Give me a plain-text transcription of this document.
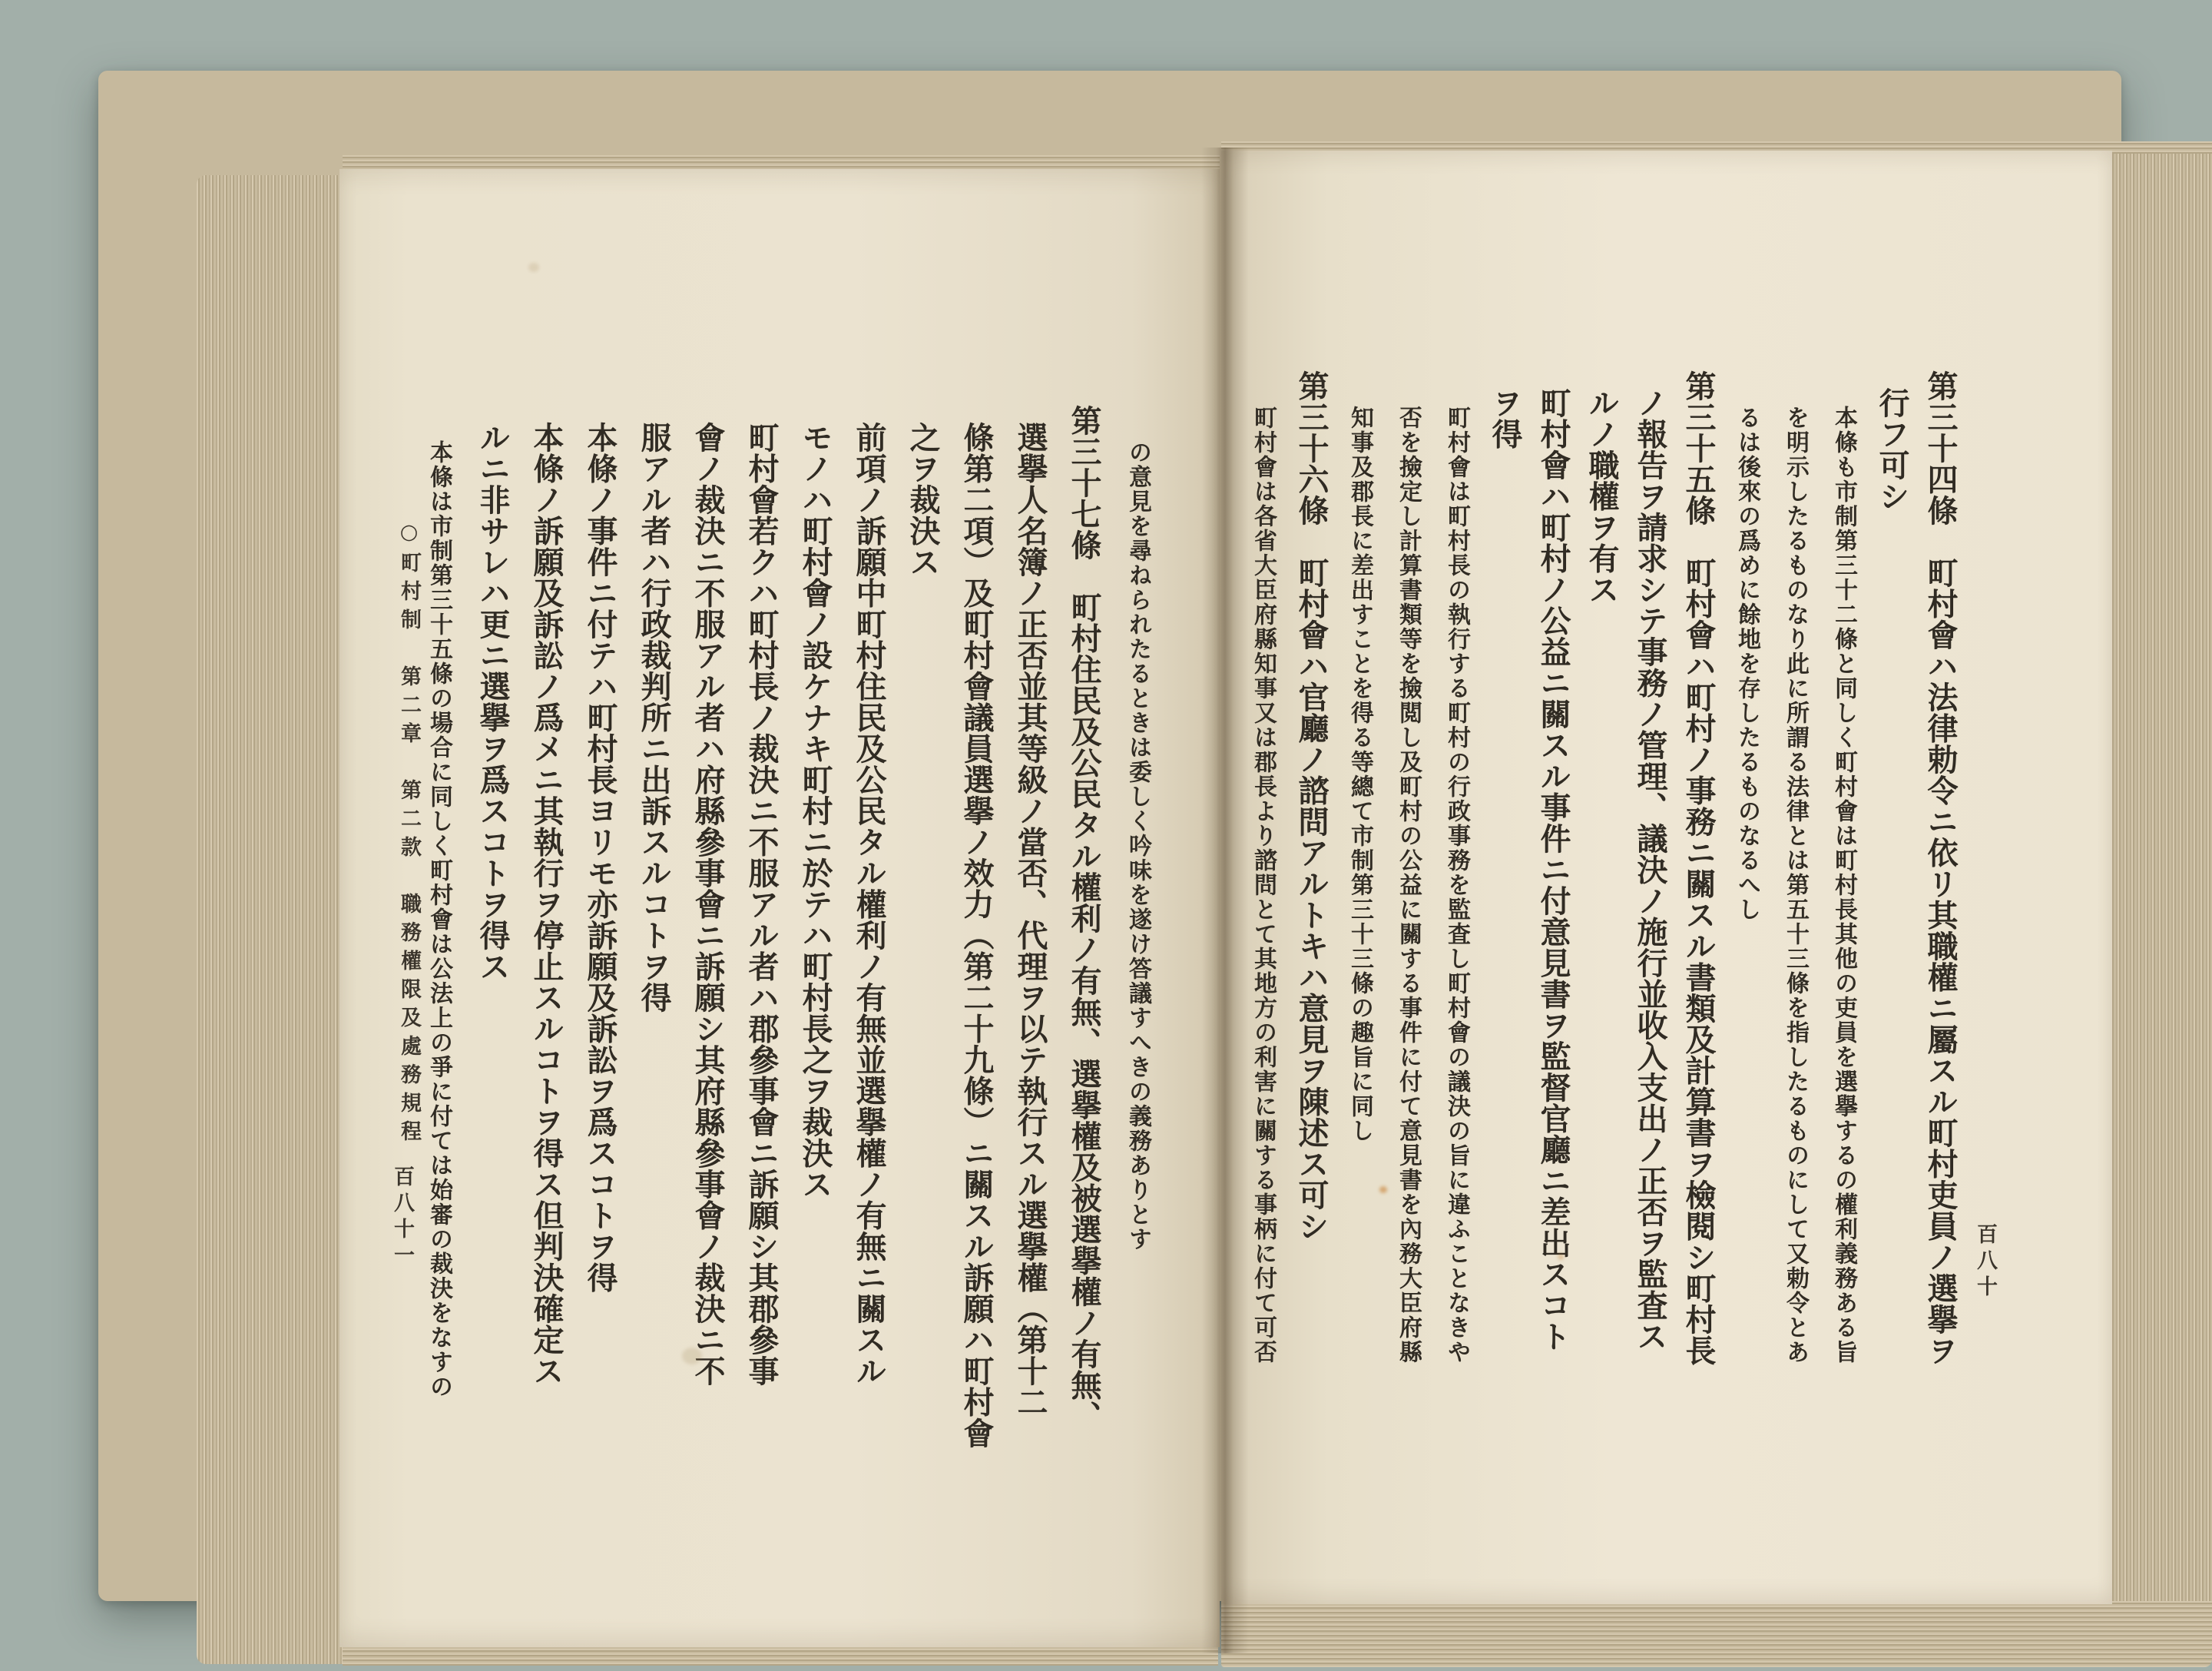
の意見を尋ねられたるときは委しく吟味を遂け答議すへきの義務ありとす
第三十七條　町村住民及公民タル權利ノ有無、選擧權及被選擧權ノ有無、
選擧人名簿ノ正否並其等級ノ當否、代理ヲ以テ執行スル選擧權（第十二
條第二項）及町村會議員選擧ノ效力（第二十九條）ニ關スル訴願ハ町村會
之ヲ裁決ス
前項ノ訴願中町村住民及公民タル權利ノ有無並選擧權ノ有無ニ關スル
モノハ町村會ノ設ケナキ町村ニ於テハ町村長之ヲ裁決ス
町村會若クハ町村長ノ裁決ニ不服アル者ハ郡參事會ニ訴願シ其郡參事
會ノ裁決ニ不服アル者ハ府縣參事會ニ訴願シ其府縣參事會ノ裁決ニ不
服アル者ハ行政裁判所ニ出訴スルコトヲ得
本條ノ事件ニ付テハ町村長ヨリモ亦訴願及訴訟ヲ爲スコトヲ得
本條ノ訴願及訴訟ノ爲メニ其執行ヲ停止スルコトヲ得ス但判決確定ス
ルニ非サレハ更ニ選擧ヲ爲スコトヲ得ス
本條は市制第三十五條の場合に同しく町村會は公法上の爭に付ては始審の裁決をなすの
○町村制　第二章　第二款　職務權限及處務規程
百八十一	第三十四條　町村會ハ法律勅令ニ依リ其職權ニ屬スル町村吏員ノ選擧ヲ
行フ可シ
本條も市制第三十二條と同しく町村會は町村長其他の吏員を選擧するの權利義務ある旨
を明示したるものなり此に所謂る法律とは第五十三條を指したるものにして又勅令とあ
るは後來の爲めに餘地を存したるものなるへし
第三十五條　町村會ハ町村ノ事務ニ關スル書類及計算書ヲ檢閱シ町村長
ノ報告ヲ請求シテ事務ノ管理、議決ノ施行並收入支出ノ正否ヲ監査ス
ルノ職權ヲ有ス
町村會ハ町村ノ公益ニ關スル事件ニ付意見書ヲ監督官廳ニ差出スコト
ヲ得
町村會は町村長の執行する町村の行政事務を監査し町村會の議決の旨に違ふことなきや
否を撿定し計算書類等を撿閲し及町村の公益に關する事件に付て意見書を內務大臣府縣
知事及郡長に差出すことを得る等總て市制第三十三條の趣旨に同し
第三十六條　町村會ハ官廳ノ諮問アルトキハ意見ヲ陳述ス可シ
町村會は各省大臣府縣知事又は郡長より諮問とて其地方の利害に關する事柄に付て可否	百八十
